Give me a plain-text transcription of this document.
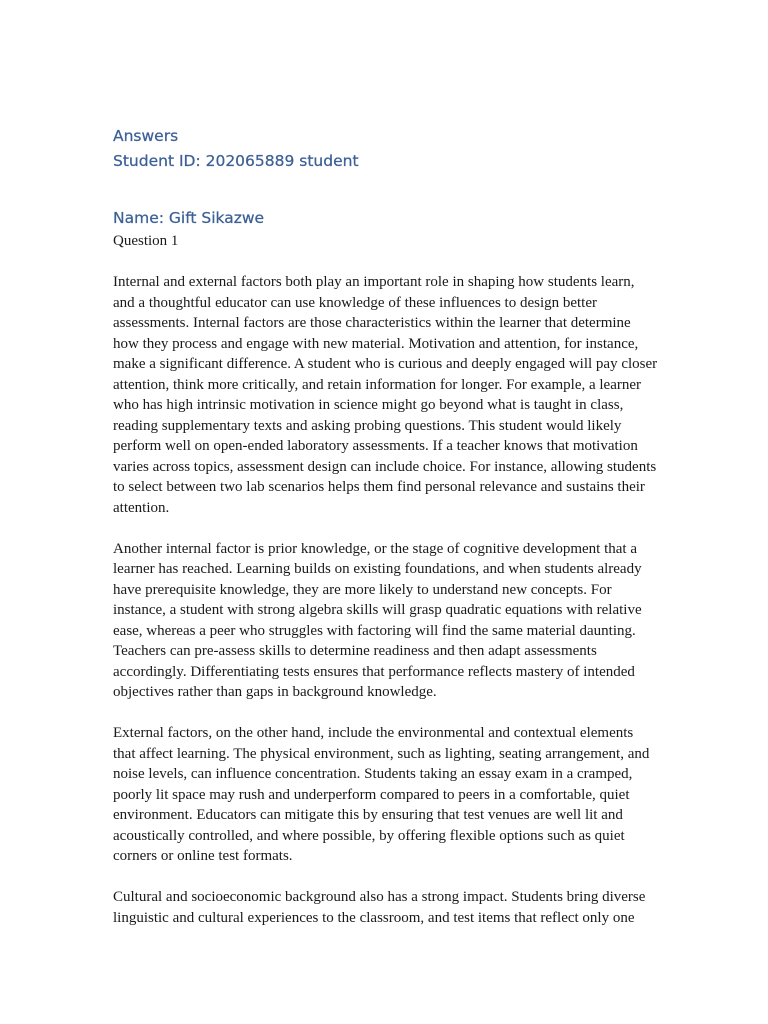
Answers
Student ID: 202065889 student
Name: Gift Sikazwe

Question 1

Internal and external factors both play an important role in shaping how students learn, and a thoughtful educator can use knowledge of these influences to design better assessments. Internal factors are those characteristics within the learner that determine how they process and engage with new material. Motivation and attention, for instance, make a significant difference. A student who is curious and deeply engaged will pay closer attention, think more critically, and retain information for longer. For example, a learner who has high intrinsic motivation in science might go beyond what is taught in class, reading supplementary texts and asking probing questions. This student would likely perform well on open-ended laboratory assessments. If a teacher knows that motivation varies across topics, assessment design can include choice. For instance, allowing students to select between two lab scenarios helps them find personal relevance and sustains their attention.

Another internal factor is prior knowledge, or the stage of cognitive development that a learner has reached. Learning builds on existing foundations, and when students already have prerequisite knowledge, they are more likely to understand new concepts. For instance, a student with strong algebra skills will grasp quadratic equations with relative ease, whereas a peer who struggles with factoring will find the same material daunting. Teachers can pre-assess skills to determine readiness and then adapt assessments accordingly. Differentiating tests ensures that performance reflects mastery of intended objectives rather than gaps in background knowledge.

External factors, on the other hand, include the environmental and contextual elements that affect learning. The physical environment, such as lighting, seating arrangement, and noise levels, can influence concentration. Students taking an essay exam in a cramped, poorly lit space may rush and underperform compared to peers in a comfortable, quiet environment. Educators can mitigate this by ensuring that test venues are well lit and acoustically controlled, and where possible, by offering flexible options such as quiet corners or online test formats.

Cultural and socioeconomic background also has a strong impact. Students bring diverse linguistic and cultural experiences to the classroom, and test items that reflect only one
